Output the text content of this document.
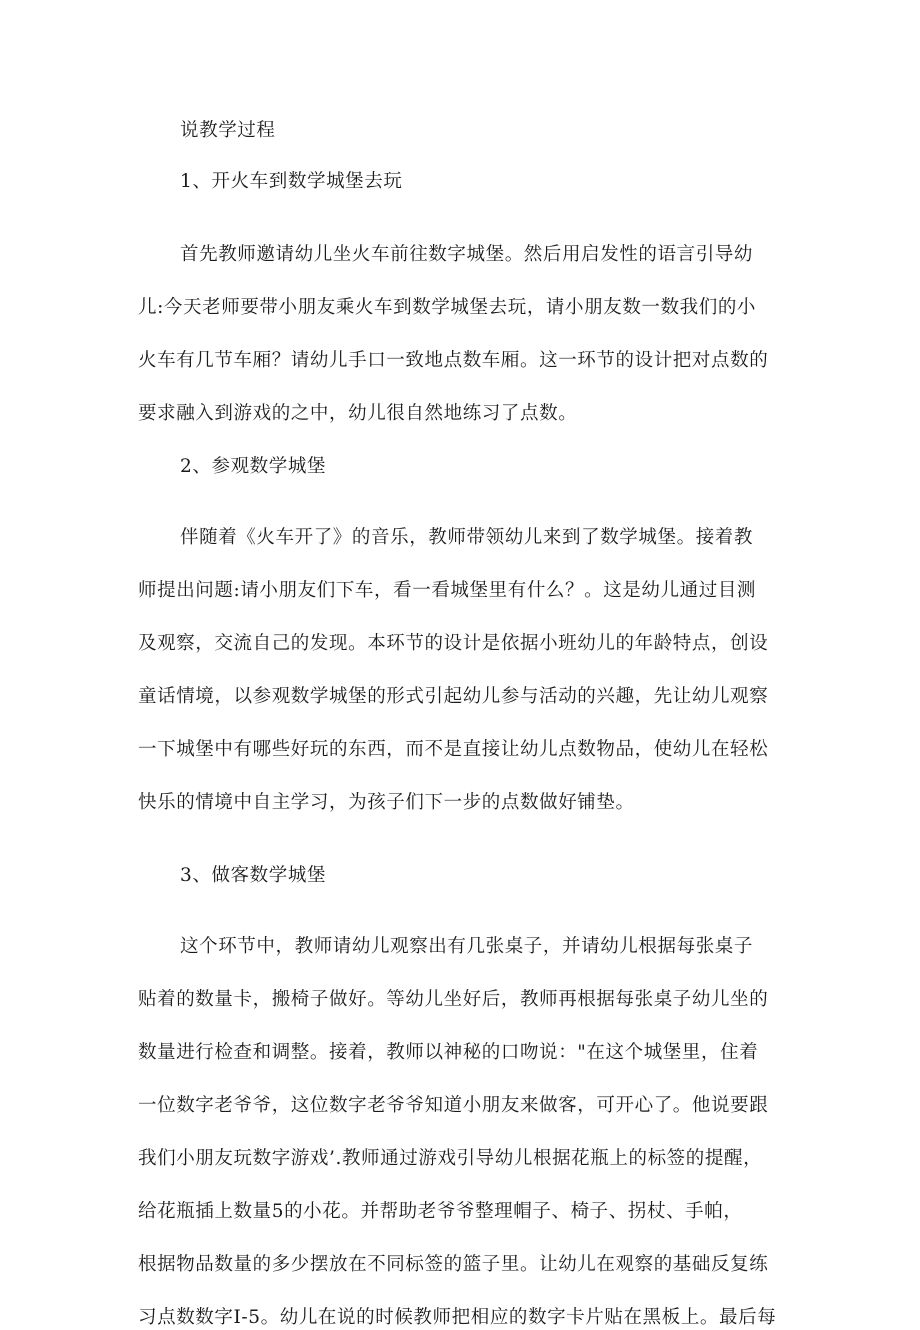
说教学过程
1、开火车到数学城堡去玩
首先教师邀请幼儿坐火车前往数字城堡。然后用启发性的语言引导幼
儿:今天老师要带小朋友乘火车到数学城堡去玩，请小朋友数一数我们的小
火车有几节车厢？请幼儿手口一致地点数车厢。这一环节的设计把对点数的
要求融入到游戏的之中，幼儿很自然地练习了点数。
2、参观数学城堡
伴随着《火车开了》的音乐，教师带领幼儿来到了数学城堡。接着教
师提出问题:请小朋友们下车，看一看城堡里有什么？。这是幼儿通过目测
及观察，交流自己的发现。本环节的设计是依据小班幼儿的年龄特点，创设
童话情境，以参观数学城堡的形式引起幼儿参与活动的兴趣，先让幼儿观察
一下城堡中有哪些好玩的东西，而不是直接让幼儿点数物品，使幼儿在轻松
快乐的情境中自主学习，为孩子们下一步的点数做好铺垫。
3、做客数学城堡
这个环节中，教师请幼儿观察出有几张桌子，并请幼儿根据每张桌子
贴着的数量卡，搬椅子做好。等幼儿坐好后，教师再根据每张桌子幼儿坐的
数量进行检查和调整。接着，教师以神秘的口吻说："在这个城堡里，住着
一位数字老爷爷，这位数字老爷爷知道小朋友来做客，可开心了。他说要跟
我们小朋友玩数字游戏’.教师通过游戏引导幼儿根据花瓶上的标签的提醒，
给花瓶插上数量5的小花。并帮助老爷爷整理帽子、椅子、拐杖、手帕，
根据物品数量的多少摆放在不同标签的篮子里。让幼儿在观察的基础反复练
习点数数字I-5。幼儿在说的时候教师把相应的数字卡片贴在黑板上。最后每
